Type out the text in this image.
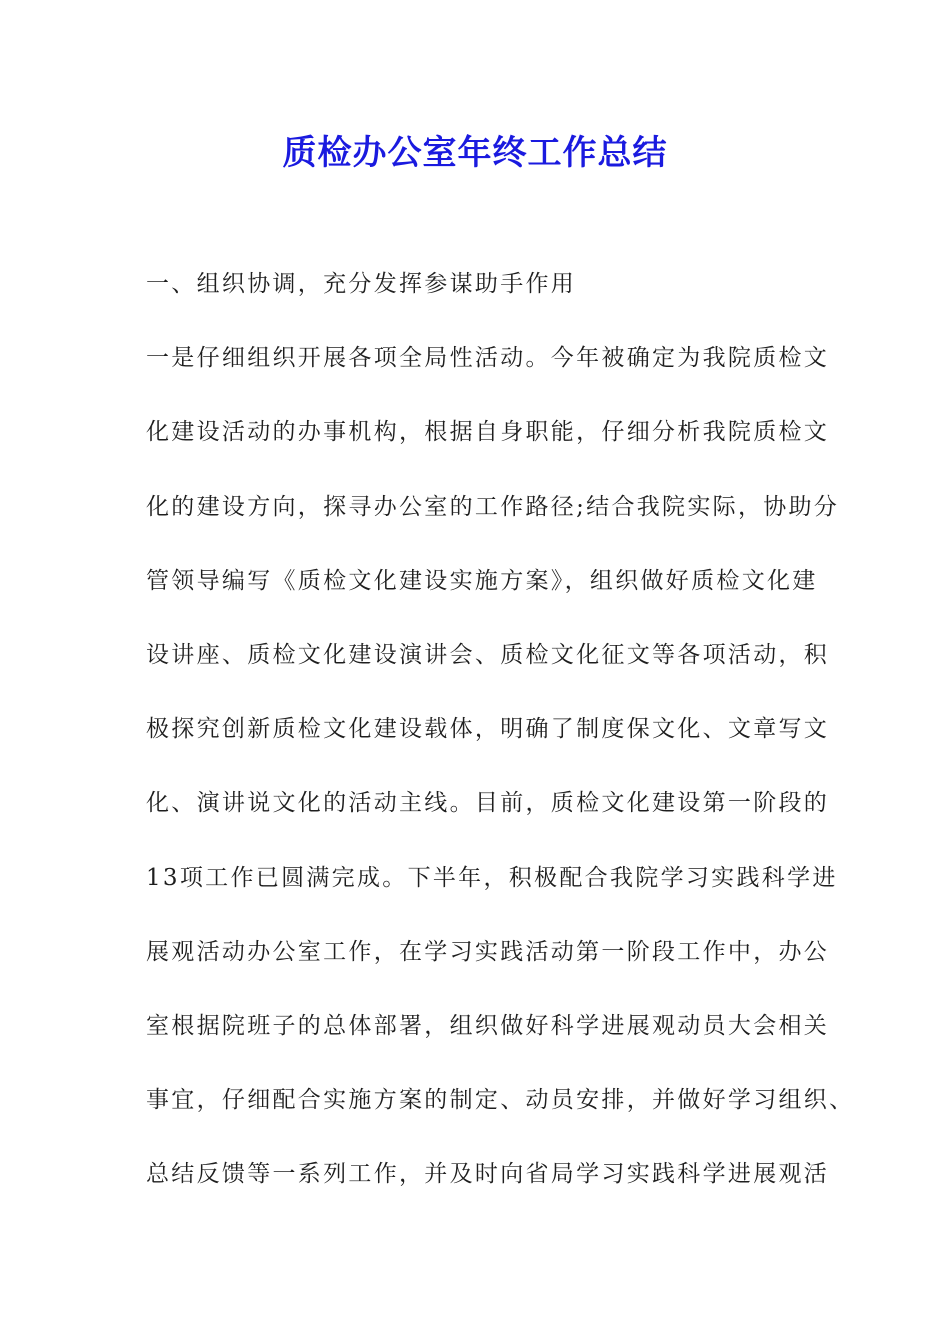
质检办公室年终工作总结

一、组织协调，充分发挥参谋助手作用

一是仔细组织开展各项全局性活动。今年被确定为我院质检文

化建设活动的办事机构，根据自身职能，仔细分析我院质检文

化的建设方向，探寻办公室的工作路径;结合我院实际，协助分

管领导编写《质检文化建设实施方案》，组织做好质检文化建

设讲座、质检文化建设演讲会、质检文化征文等各项活动，积

极探究创新质检文化建设载体，明确了制度保文化、文章写文

化、演讲说文化的活动主线。目前，质检文化建设第一阶段的

13项工作已圆满完成。下半年，积极配合我院学习实践科学进

展观活动办公室工作，在学习实践活动第一阶段工作中，办公

室根据院班子的总体部署，组织做好科学进展观动员大会相关

事宜，仔细配合实施方案的制定、动员安排，并做好学习组织、

总结反馈等一系列工作，并及时向省局学习实践科学进展观活
